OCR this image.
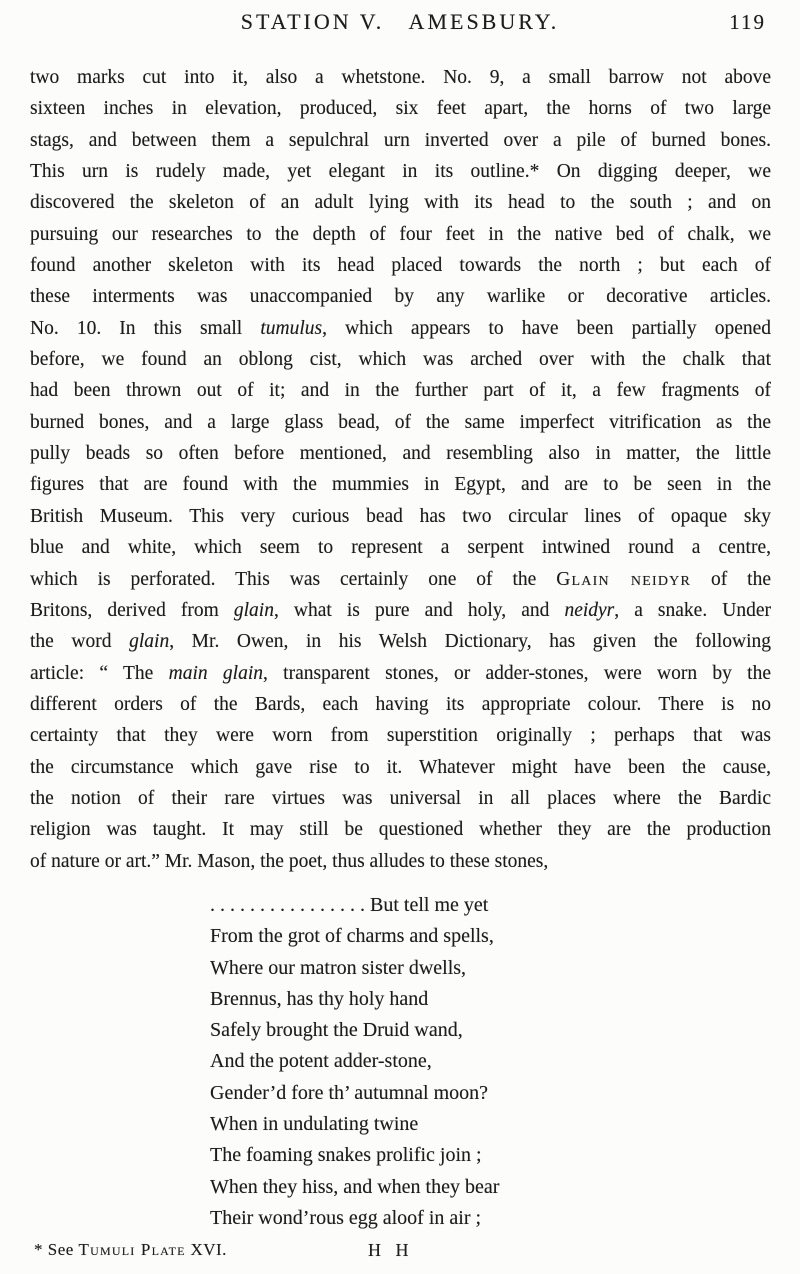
STATION V.   AMESBURY.	119
two marks cut into it, also a whetstone. No. 9, a small barrow not above
sixteen inches in elevation, produced, six feet apart, the horns of two large
stags, and between them a sepulchral urn inverted over a pile of burned bones.
This urn is rudely made, yet elegant in its outline.* On digging deeper, we
discovered the skeleton of an adult lying with its head to the south ; and on
pursuing our researches to the depth of four feet in the native bed of chalk, we
found another skeleton with its head placed towards the north ; but each of
these interments was unaccompanied by any warlike or decorative articles.
No. 10. In this small tumulus, which appears to have been partially opened
before, we found an oblong cist, which was arched over with the chalk that
had been thrown out of it; and in the further part of it, a few fragments of
burned bones, and a large glass bead, of the same imperfect vitrification as the
pully beads so often before mentioned, and resembling also in matter, the little
figures that are found with the mummies in Egypt, and are to be seen in the
British Museum. This very curious bead has two circular lines of opaque sky
blue and white, which seem to represent a serpent intwined round a centre,
which is perforated. This was certainly one of the Glain neidyr of the
Britons, derived from glain, what is pure and holy, and neidyr, a snake. Under
the word glain, Mr. Owen, in his Welsh Dictionary, has given the following
article: “ The main glain, transparent stones, or adder-stones, were worn by the
different orders of the Bards, each having its appropriate colour. There is no
certainty that they were worn from superstition originally ; perhaps that was
the circumstance which gave rise to it. Whatever might have been the cause,
the notion of their rare virtues was universal in all places where the Bardic
religion was taught. It may still be questioned whether they are the production
of nature or art.” Mr. Mason, the poet, thus alludes to these stones,
. . . . . . . . . . . . . . . . But tell me yet
From the grot of charms and spells,
Where our matron sister dwells,
Brennus, has thy holy hand
Safely brought the Druid wand,
And the potent adder-stone,
Gender’d fore th’ autumnal moon?
When in undulating twine
The foaming snakes prolific join ;
When they hiss, and when they bear
Their wond’rous egg aloof in air ;
* See Tumuli Plate XVI.	H H
